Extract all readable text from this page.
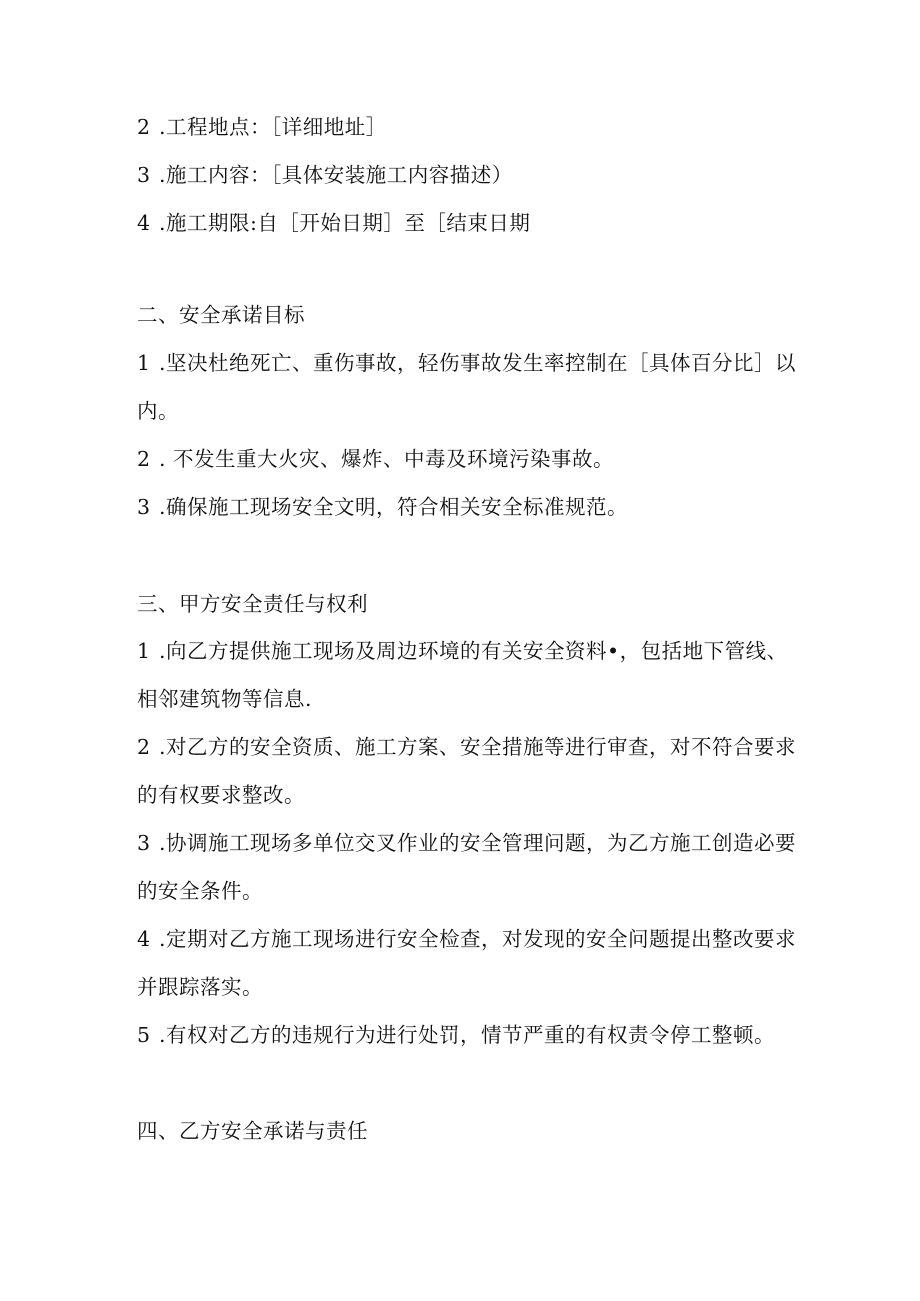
2 .工程地点：［详细地址］
3 .施工内容：［具体安装施工内容描述）
4 .施工期限:自［开始日期］至［结束日期
二、安全承诺目标
1 .坚决杜绝死亡、重伤事故，轻伤事故发生率控制在［具体百分比］以
内。
2 . 不发生重大火灾、爆炸、中毒及环境污染事故。
3 .确保施工现场安全文明，符合相关安全标准规范。
三、甲方安全责任与权利
1 .向乙方提供施工现场及周边环境的有关安全资料•，包括地下管线、
相邻建筑物等信息.
2 .对乙方的安全资质、施工方案、安全措施等进行审查，对不符合要求
的有权要求整改。
3 .协调施工现场多单位交叉作业的安全管理问题，为乙方施工创造必要
的安全条件。
4 .定期对乙方施工现场进行安全检查，对发现的安全问题提出整改要求
并跟踪落实。
5 .有权对乙方的违规行为进行处罚，情节严重的有权责令停工整顿。
四、乙方安全承诺与责任
